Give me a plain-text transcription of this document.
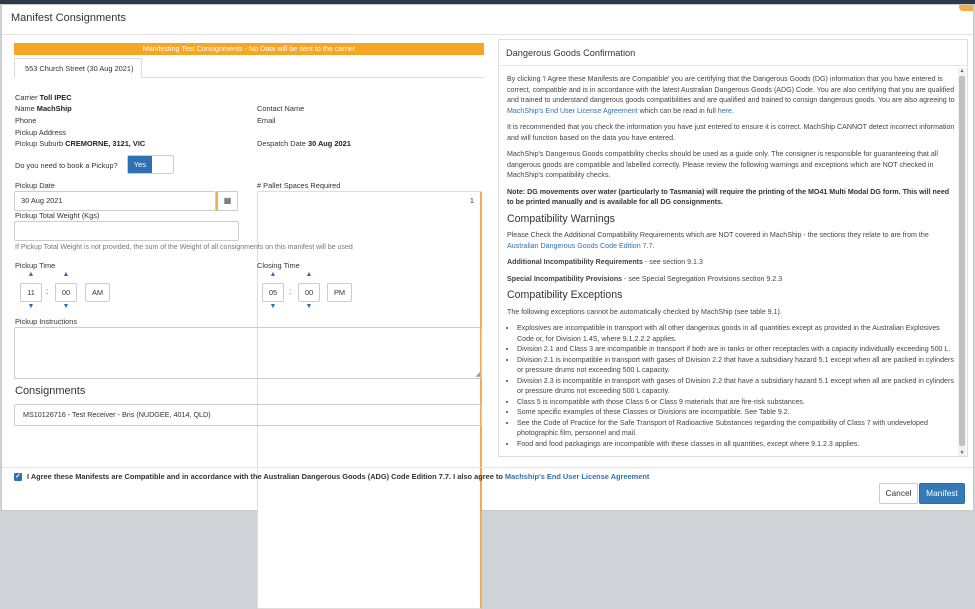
Manifest Consignments
Manifesting Test Consignments - No Data will be sent to the carrier
553 Church Street (30 Aug 2021)
Carrier Toll IPEC
Name MachShip	Contact Name
Phone	Email
Pickup Address
Pickup Suburb CREMORNE, 3121, VIC	Despatch Date 30 Aug 2021
Do you need to book a Pickup?	Yes
Pickup Date
30 Aug 2021	▦
# Pallet Spaces Required
1
Pickup Total Weight (Kgs)
If Pickup Total Weight is not provided, the sum of the Weight of all consignments on this manifest will be used
Pickup Time
▲	▲
11	:	00	AM
▼	▼
Closing Time
▲	▲
05	:	00	PM
▼	▼
Pickup Instructions
◢
Consignments
MS10126716 - Test Receiver - Bris (NUDGEE, 4014, QLD)
Dangerous Goods Confirmation

By clicking 'I Agree these Manifests are Compatible' you are certifying that the Dangerous Goods (DG) information that you have entered is correct, compatible and is in accordance with the latest Australian Dangerous Goods (ADG) Code. You are also certifying that you are qualified and trained to understand dangerous goods compatibilities and are qualified and trained to consign dangerous goods. You are also agreeing to MachShip's End User License Agreement which can be read in full here.

It is recommended that you check the information you have just entered to ensure it is correct. MachShip CANNOT detect incorrect information and will function based on the data you have entered.

MachShip's Dangerous Goods compatibility checks should be used as a guide only. The consigner is responsible for guaranteeing that all dangerous goods are compatible and labelled correctly. Please review the following warnings and exceptions which are NOT checked in MachShip's compatibility checks.

Note: DG movements over water (particularly to Tasmania) will require the printing of the MO41 Multi Modal DG form. This will need to be printed manually and is available for all DG consignments.

Compatibility Warnings

Please Check the Additional Compatibility Requirements which are NOT covered in MachShip - the sections they relate to are from the Australian Dangerous Goods Code Edition 7.7.

Additional Incompatibility Requirements - see section 9.1.3

Special Incompatibility Provisions - see Special Segregation Provisions section 9.2.3

Compatibility Exceptions

The following exceptions cannot be automatically checked by MachShip (see table 9.1).

• Explosives are incompatible in transport with all other dangerous goods in all quantities except as provided in the Australian Explosives Code or, for Division 1.4S, where 9.1.2.2.2 applies.
• Division 2.1 and Class 3 are incompatible in transport if both are in tanks or other receptacles with a capacity individually exceeding 500 L.
• Division 2.1 is incompatible in transport with gases of Division 2.2 that have a subsidiary hazard 5.1 except when all are packed in cylinders or pressure drums not exceeding 500 L capacity.
• Division 2.3 is incompatible in transport with gases of Division 2.2 that have a subsidiary hazard 5.1 except when all are packed in cylinders or pressure drums not exceeding 500 L capacity.
• Class 5 is incompatible with those Class 6 or Class 9 materials that are fire-risk substances.
• Some specific examples of these Classes or Divisions are incompatible. See Table 9.2.
• See the Code of Practice for the Safe Transport of Radioactive Substances regarding the compatibility of Class 7 with undeveloped photographic film, personnel and mail.
• Food and food packagings are incompatible with these classes in all quantities, except where 9.1.2.3 applies.
▲
▼
✓ I Agree these Manifests are Compatible and in accordance with the Australian Dangerous Goods (ADG) Code Edition 7.7. I also agree to Machship's End User License Agreement
Cancel	Manifest
